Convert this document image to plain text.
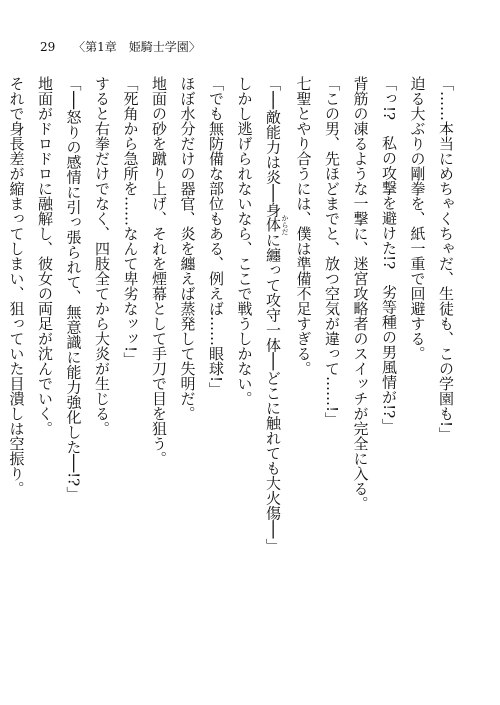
29 〈第1章　姫騎士学園〉
「……本当にめちゃくちゃだ、生徒も、この学園も!」
迫る大ぶりの剛拳を、紙一重で回避する。
「っ!?　私の攻撃を避けた!?　劣等種の男風情が!?」
背筋の凍るような一撃に、迷宮攻略者のスイッチが完全に入る。
「この男、先ほどまでと、放つ空気が違って……!」
七聖とやり合うには、僕は準備不足すぎる。
「──敵能力は炎──身体 からだに纏って攻守一体──どこに触れても大火傷──」
しかし逃げられないなら、ここで戦うしかない。
「でも無防備な部位もある、例えば……眼球!」
ほぼ水分だけの器官、炎を纏えば蒸発して失明だ。
地面の砂を蹴り上げ、それを煙幕として手刀で目を狙う。
「死角から急所を……なんて卑劣なッッ!」
すると右拳だけでなく、四肢全てから大炎が生じる。
「──怒りの感情に引っ張られて、無意識に能力強化した──!?」
地面がドロドロに融解し、彼女の両足が沈んでいく。
それで身長差が縮まってしまい、狙っていた目潰しは空振り。
